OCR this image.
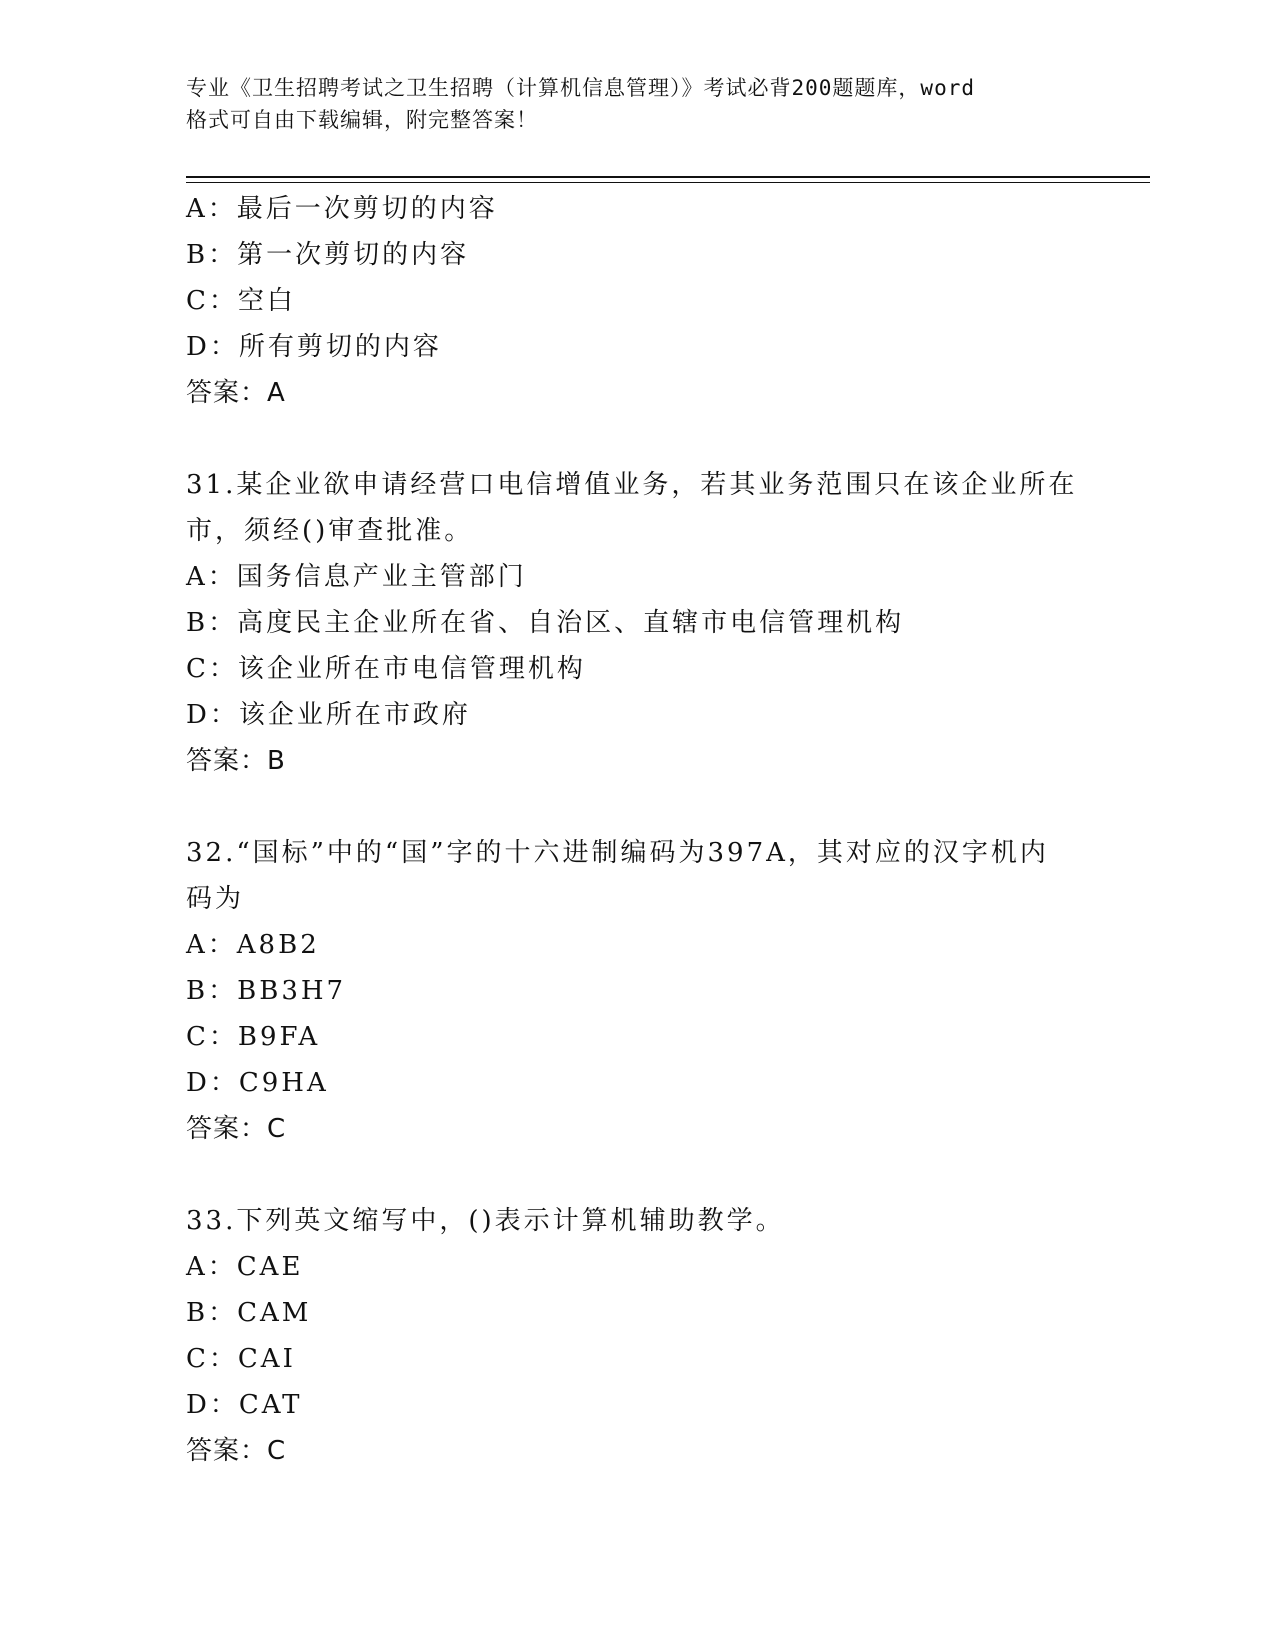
专业《卫生招聘考试之卫生招聘（计算机信息管理）》考试必背200题题库，word
格式可自由下载编辑，附完整答案！
A：最后一次剪切的内容
B：第一次剪切的内容
C：空白
D：所有剪切的内容
答案：A
31.某企业欲申请经营口电信增值业务，若其业务范围只在该企业所在
市，须经()审查批准。
A：国务信息产业主管部门
B：高度民主企业所在省、自治区、直辖市电信管理机构
C：该企业所在市电信管理机构
D：该企业所在市政府
答案：B
32.“国标”中的“国”字的十六进制编码为397A，其对应的汉字机内
码为
A：A8B2
B：BB3H7
C：B9FA
D：C9HA
答案：C
33.下列英文缩写中，()表示计算机辅助教学。
A：CAE
B：CAM
C：CAI
D：CAT
答案：C
